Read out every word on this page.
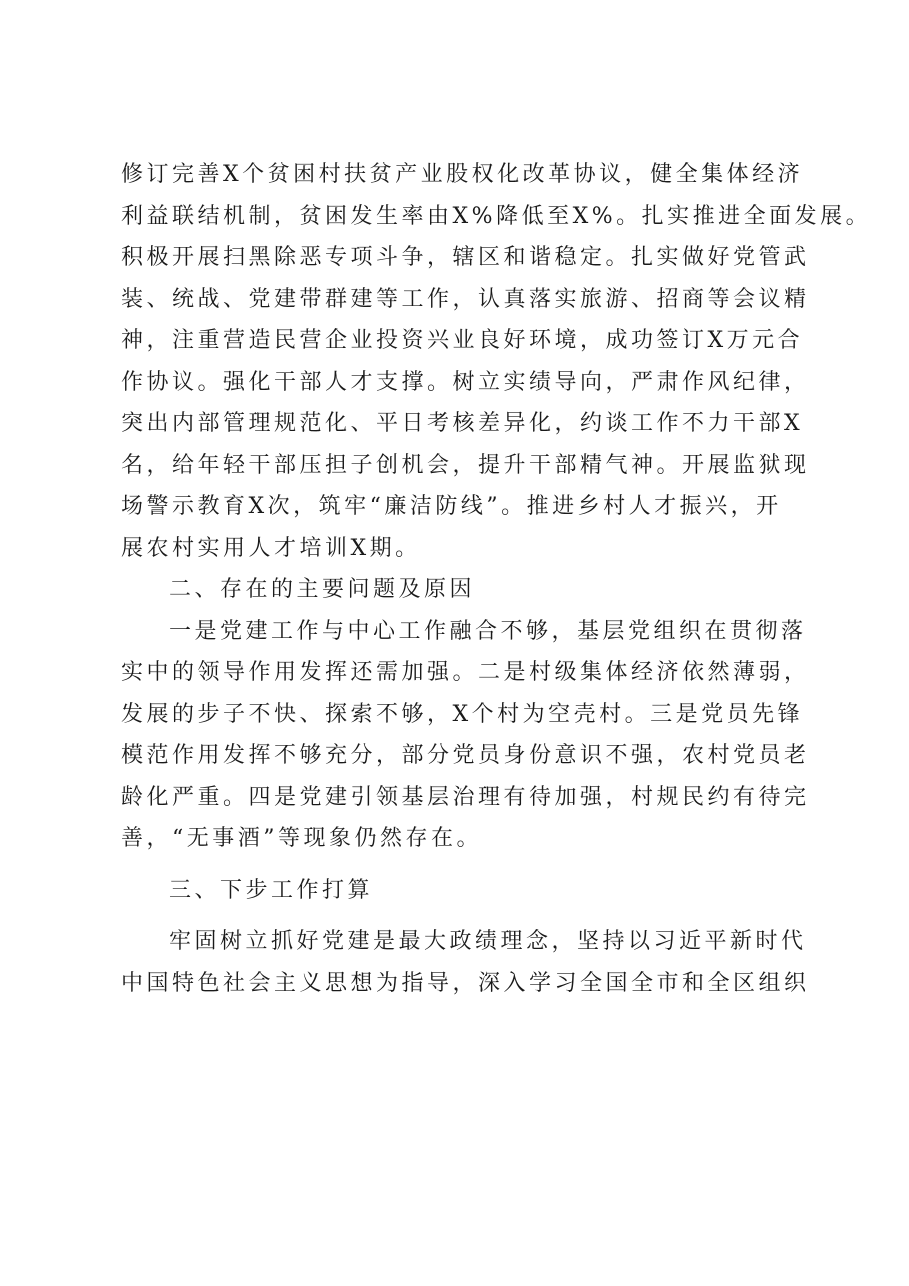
修订完善X个贫困村扶贫产业股权化改革协议，健全集体经济
利益联结机制，贫困发生率由X%降低至X%。扎实推进全面发展。
积极开展扫黑除恶专项斗争，辖区和谐稳定。扎实做好党管武
装、统战、党建带群建等工作，认真落实旅游、招商等会议精
神，注重营造民营企业投资兴业良好环境，成功签订X万元合
作协议。强化干部人才支撑。树立实绩导向，严肃作风纪律，
突出内部管理规范化、平日考核差异化，约谈工作不力干部X
名，给年轻干部压担子创机会，提升干部精气神。开展监狱现
场警示教育X次，筑牢“廉洁防线”。推进乡村人才振兴，开
展农村实用人才培训X期。
二、存在的主要问题及原因
一是党建工作与中心工作融合不够，基层党组织在贯彻落
实中的领导作用发挥还需加强。二是村级集体经济依然薄弱，
发展的步子不快、探索不够，X个村为空壳村。三是党员先锋
模范作用发挥不够充分，部分党员身份意识不强，农村党员老
龄化严重。四是党建引领基层治理有待加强，村规民约有待完
善，“无事酒”等现象仍然存在。
三、下步工作打算
牢固树立抓好党建是最大政绩理念，坚持以习近平新时代
中国特色社会主义思想为指导，深入学习全国全市和全区组织
